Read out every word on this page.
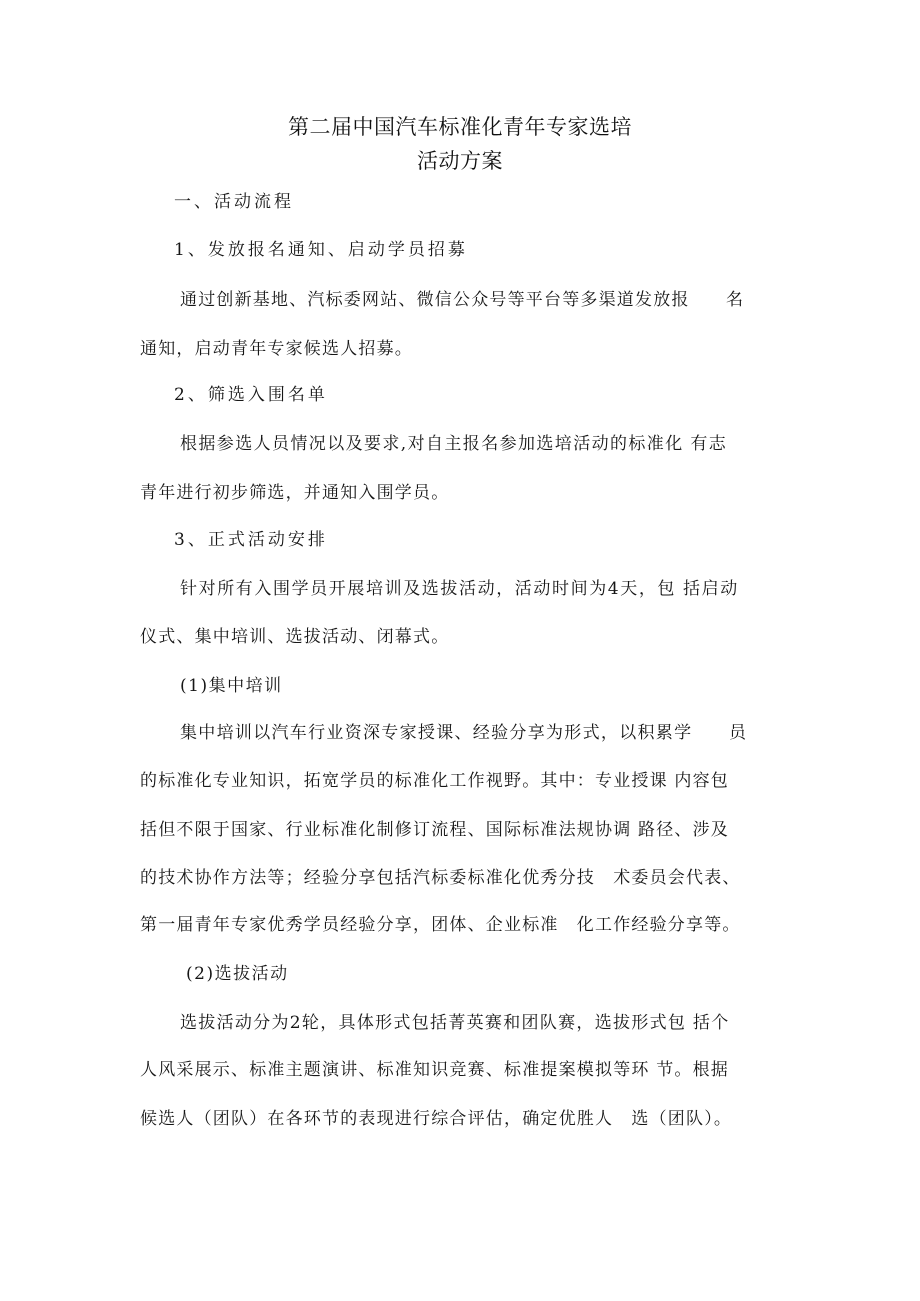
第二届中国汽车标准化青年专家选培
活动方案
一、活动流程
1、发放报名通知、启动学员招募
通过创新基地、汽标委网站、微信公众号等平台等多渠道发放报　　名
通知，启动青年专家候选人招募。
2、筛选入围名单
根据参选人员情况以及要求,对自主报名参加选培活动的标准化 有志
青年进行初步筛选，并通知入围学员。
3、正式活动安排
针对所有入围学员开展培训及选拔活动，活动时间为4天，包 括启动
仪式、集中培训、选拔活动、闭幕式。
(1)集中培训
集中培训以汽车行业资深专家授课、经验分享为形式，以积累学　　员
的标准化专业知识，拓宽学员的标准化工作视野。其中：专业授课 内容包
括但不限于国家、行业标准化制修订流程、国际标准法规协调 路径、涉及
的技术协作方法等；经验分享包括汽标委标准化优秀分技　术委员会代表、
第一届青年专家优秀学员经验分享，团体、企业标准　化工作经验分享等。
(2)选拔活动
选拔活动分为2轮，具体形式包括菁英赛和团队赛，选拔形式包 括个
人风采展示、标准主题演讲、标准知识竞赛、标准提案模拟等环 节。根据
候选人（团队）在各环节的表现进行综合评估，确定优胜人　选（团队）。
